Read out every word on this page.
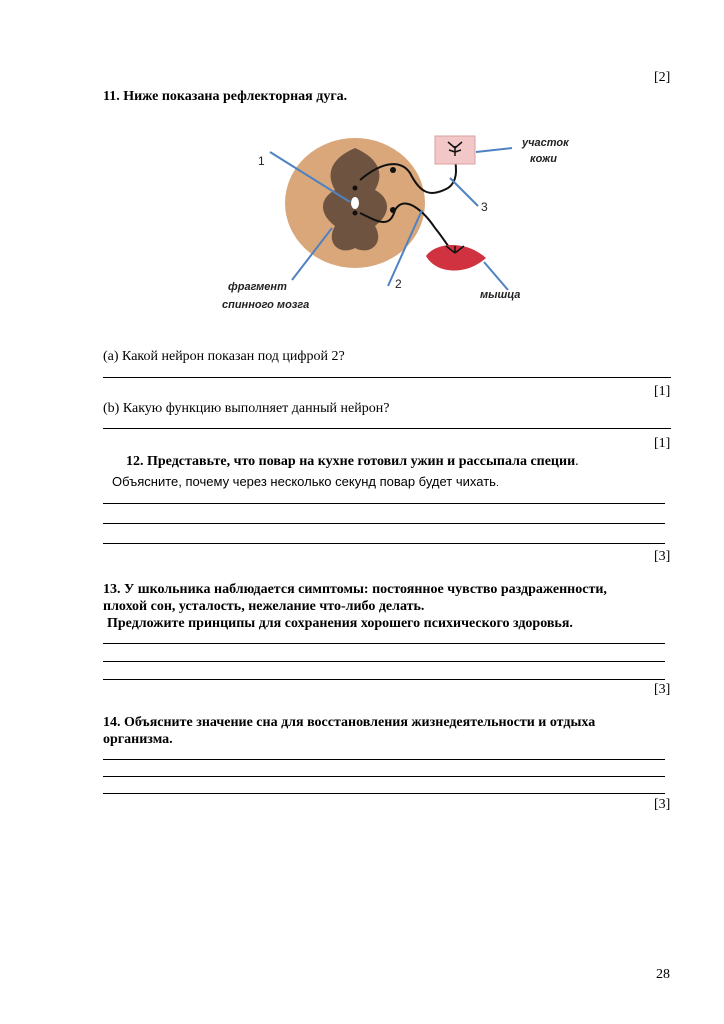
[2]
11. Ниже показана рефлекторная дуга.
1
2
3
участок
кожи
мышца
фрагмент
спинного мозга
(a) Какой нейрон показан под цифрой 2?
[1]
(b) Какую функцию выполняет данный нейрон?
[1]
12. Представьте, что повар на кухне готовил ужин и рассыпала специи.
Объясните, почему через несколько секунд повар будет чихать.
[3]
13. У школьника наблюдается симптомы: постоянное чувство раздраженности,
плохой сон, усталость, нежелание что-либо делать.
Предложите принципы для сохранения хорошего психического здоровья.
[3]
14. Объясните значение сна для восстановления жизнедеятельности и отдыха
организма.
[3]
28
